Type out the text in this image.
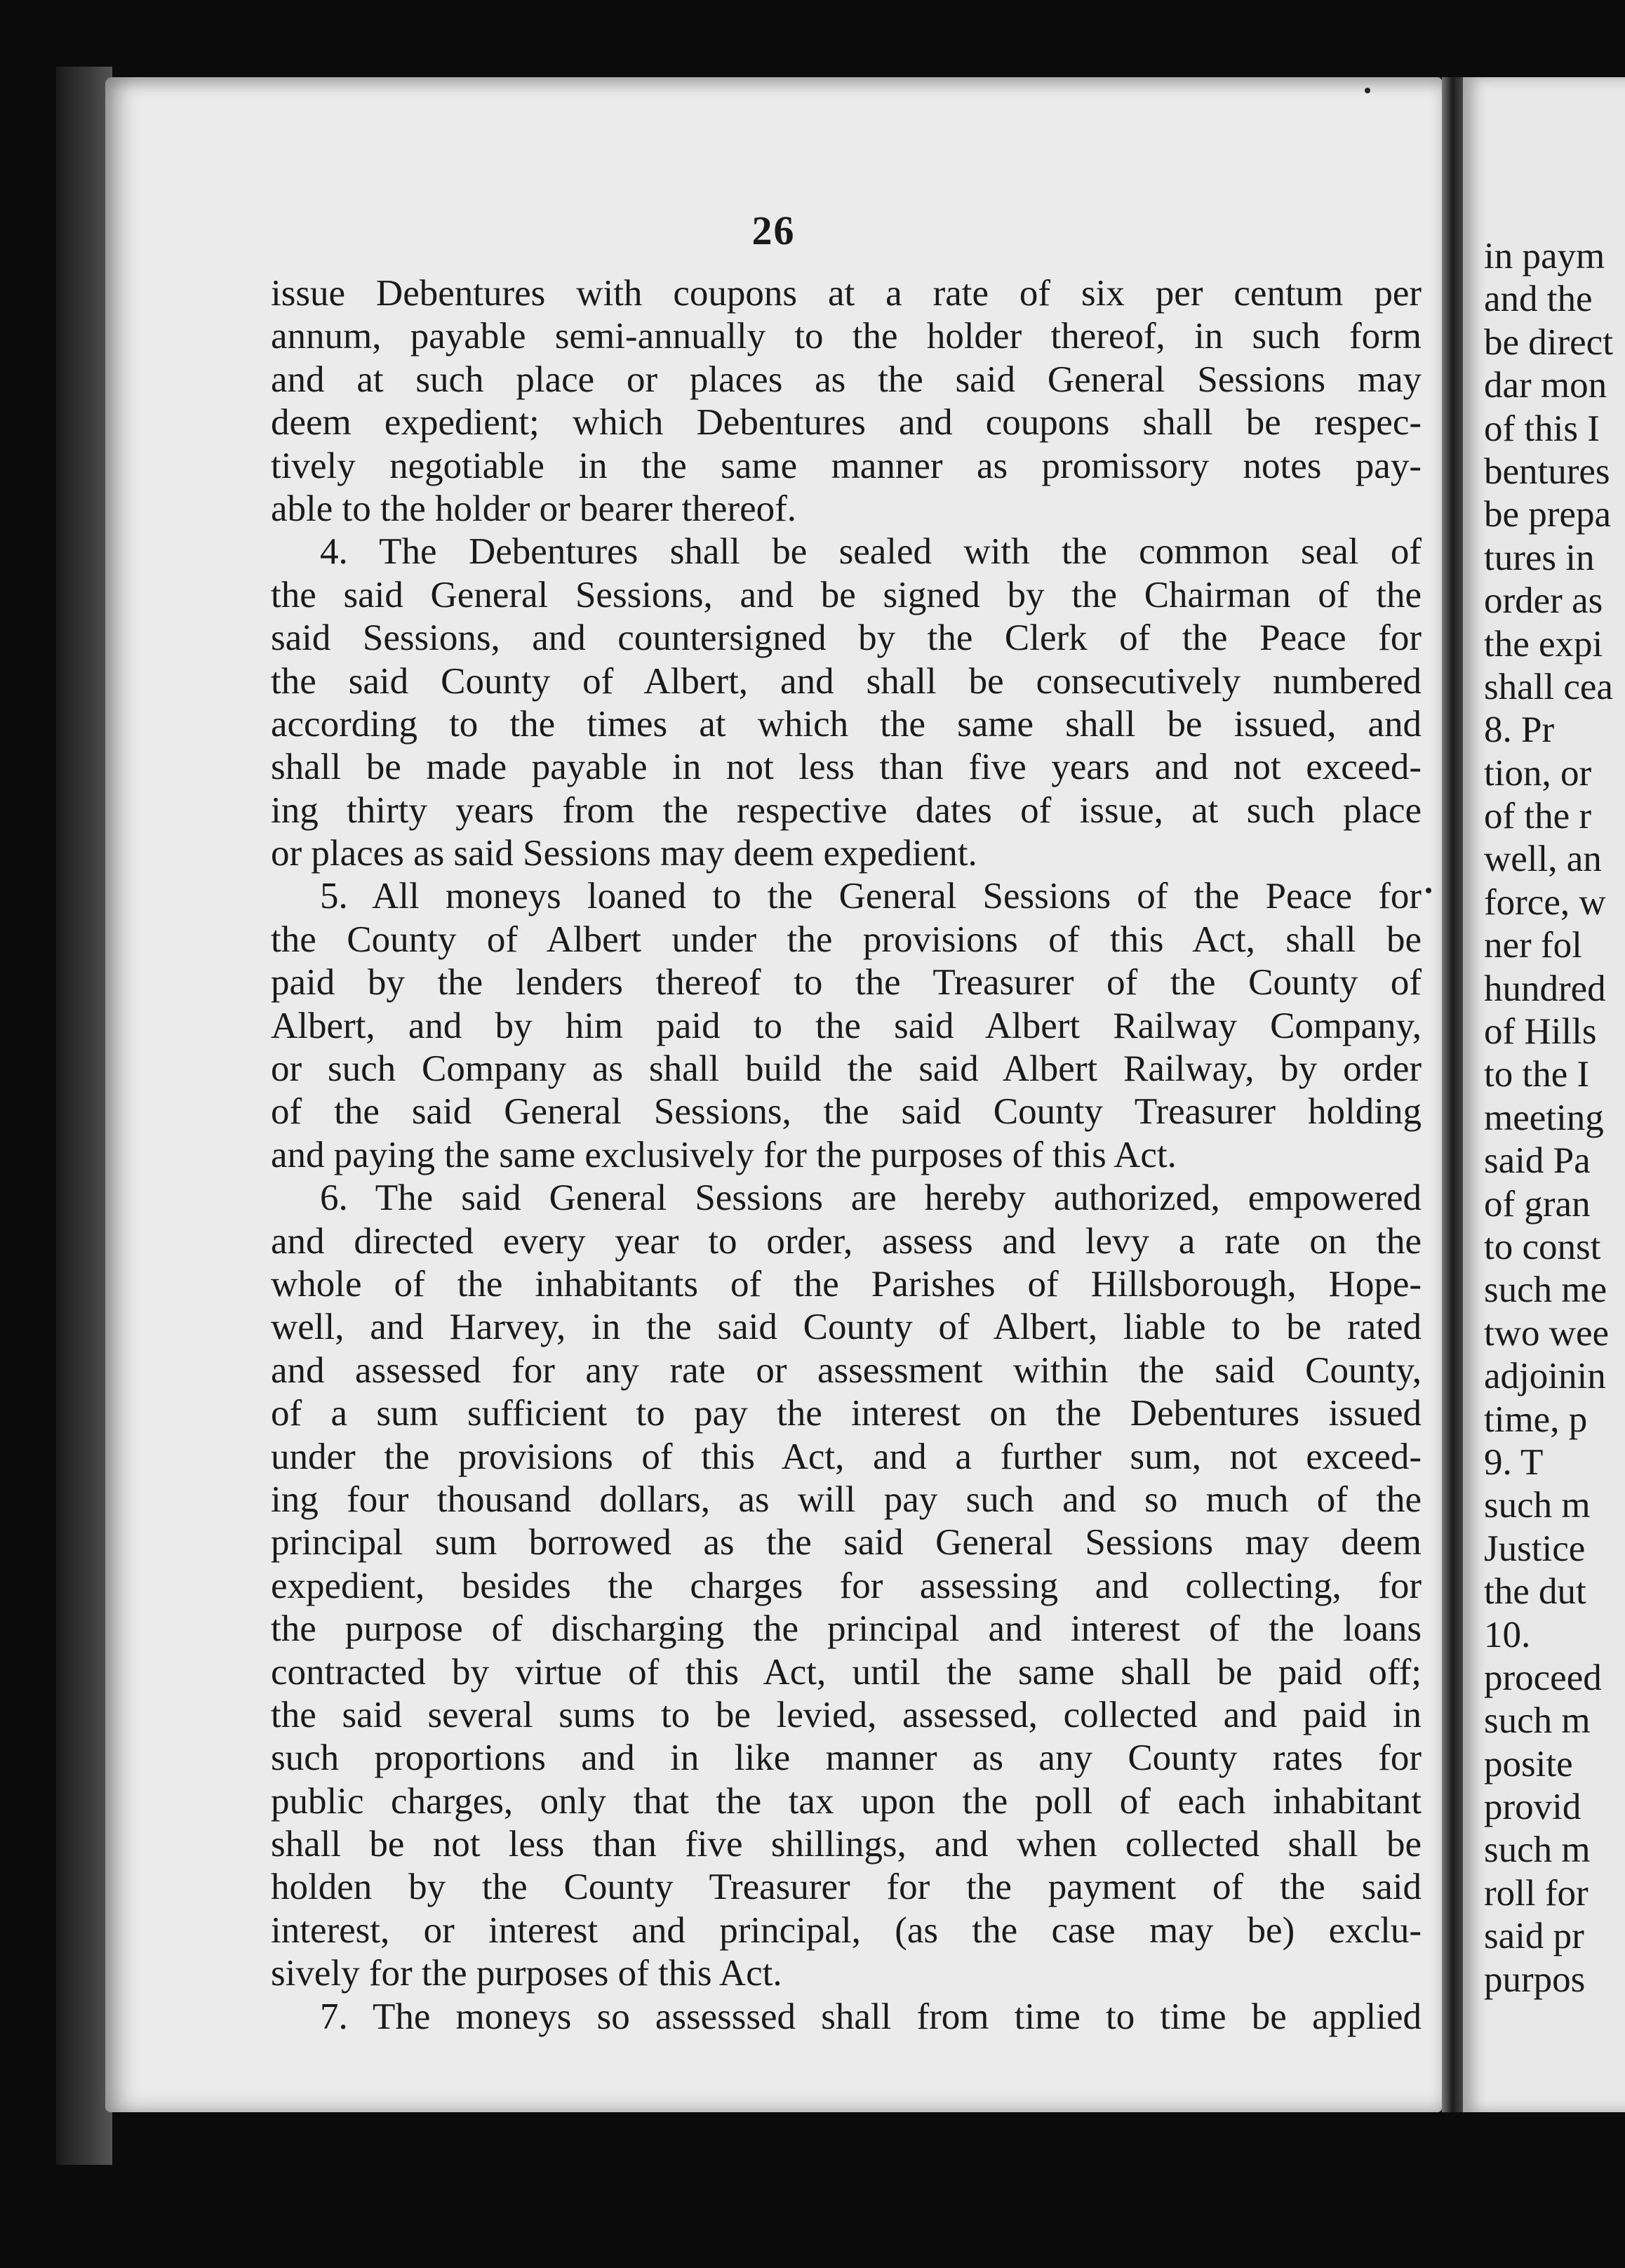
26
issue Debentures with coupons at a rate of six per centum per
annum, payable semi-annually to the holder thereof, in such form
and at such place or places as the said General Sessions may
deem expedient; which Debentures and coupons shall be respec-
tively negotiable in the same manner as promissory notes pay-
able to the holder or bearer thereof.
4. The Debentures shall be sealed with the common seal of
the said General Sessions, and be signed by the Chairman of the
said Sessions, and countersigned by the Clerk of the Peace for
the said County of Albert, and shall be consecutively numbered
according to the times at which the same shall be issued, and
shall be made payable in not less than five years and not exceed-
ing thirty years from the respective dates of issue, at such place
or places as said Sessions may deem expedient.
5. All moneys loaned to the General Sessions of the Peace for
the County of Albert under the provisions of this Act, shall be
paid by the lenders thereof to the Treasurer of the County of
Albert, and by him paid to the said Albert Railway Company,
or such Company as shall build the said Albert Railway, by order
of the said General Sessions, the said County Treasurer holding
and paying the same exclusively for the purposes of this Act.
6. The said General Sessions are hereby authorized, empowered
and directed every year to order, assess and levy a rate on the
whole of the inhabitants of the Parishes of Hillsborough, Hope-
well, and Harvey, in the said County of Albert, liable to be rated
and assessed for any rate or assessment within the said County,
of a sum sufficient to pay the interest on the Debentures issued
under the provisions of this Act, and a further sum, not exceed-
ing four thousand dollars, as will pay such and so much of the
principal sum borrowed as the said General Sessions may deem
expedient, besides the charges for assessing and collecting, for
the purpose of discharging the principal and interest of the loans
contracted by virtue of this Act, until the same shall be paid off;
the said several sums to be levied, assessed, collected and paid in
such proportions and in like manner as any County rates for
public charges, only that the tax upon the poll of each inhabitant
shall be not less than five shillings, and when collected shall be
holden by the County Treasurer for the payment of the said
interest, or interest and principal, (as the case may be) exclu-
sively for the purposes of this Act.
7. The moneys so assesssed shall from time to time be applied
in paym
and the
be direct
dar mon
of this I
bentures
be prepa
tures in
order as
the expi
shall cea
8. Pr
tion, or
of the r
well, an
force, w
ner fol
hundred
of Hills
to the I
meeting
said Pa
of gran
to const
such me
two wee
adjoinin
time, p
9. T
such m
Justice
the dut
10.
proceed
such m
posite
provid
such m
roll for
said pr
purpos
